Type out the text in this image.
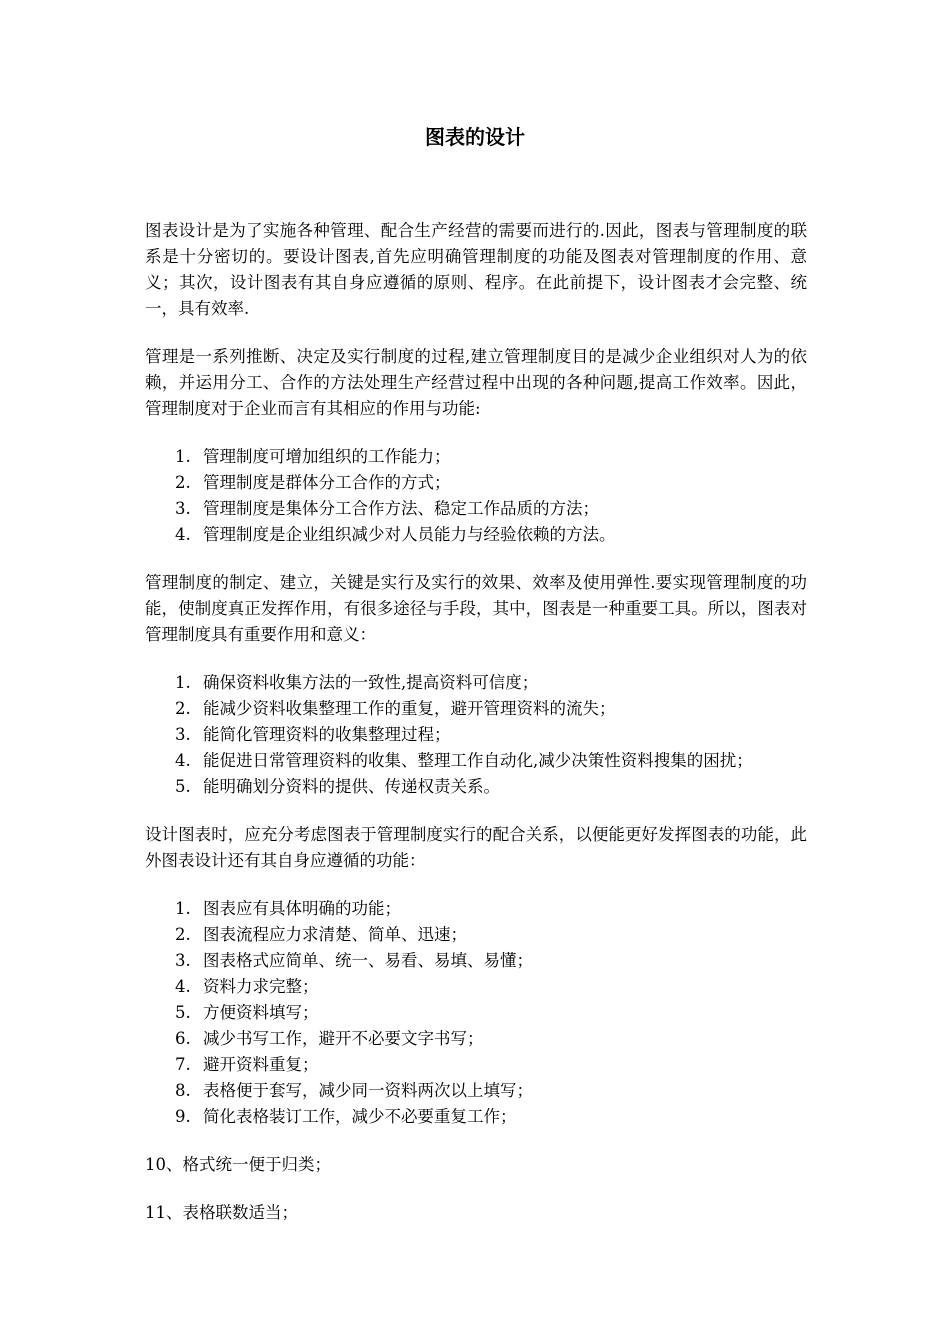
图表的设计

图表设计是为了实施各种管理、配合生产经营的需要而进行的.因此，图表与管理制度的联系是十分密切的。要设计图表,首先应明确管理制度的功能及图表对管理制度的作用、意义；其次，设计图表有其自身应遵循的原则、程序。在此前提下，设计图表才会完整、统一，具有效率.

管理是一系列推断、决定及实行制度的过程,建立管理制度目的是减少企业组织对人为的依赖，并运用分工、合作的方法处理生产经营过程中出现的各种问题,提高工作效率。因此，管理制度对于企业而言有其相应的作用与功能:

1. 管理制度可增加组织的工作能力；
2. 管理制度是群体分工合作的方式；
3. 管理制度是集体分工合作方法、稳定工作品质的方法；
4. 管理制度是企业组织减少对人员能力与经验依赖的方法。

管理制度的制定、建立，关键是实行及实行的效果、效率及使用弹性.要实现管理制度的功能，使制度真正发挥作用，有很多途径与手段，其中，图表是一种重要工具。所以，图表对管理制度具有重要作用和意义：

1. 确保资料收集方法的一致性,提高资料可信度；
2. 能减少资料收集整理工作的重复，避开管理资料的流失；
3. 能简化管理资料的收集整理过程；
4. 能促进日常管理资料的收集、整理工作自动化,减少决策性资料搜集的困扰；
5. 能明确划分资料的提供、传递权责关系。

设计图表时，应充分考虑图表于管理制度实行的配合关系，以便能更好发挥图表的功能，此外图表设计还有其自身应遵循的功能：

1. 图表应有具体明确的功能；
2. 图表流程应力求清楚、简单、迅速；
3. 图表格式应简单、统一、易看、易填、易懂；
4. 资料力求完整；
5. 方便资料填写；
6. 减少书写工作，避开不必要文字书写；
7. 避开资料重复；
8. 表格便于套写，减少同一资料两次以上填写；
9. 简化表格装订工作，减少不必要重复工作；

10、格式统一便于归类；

11、表格联数适当；
